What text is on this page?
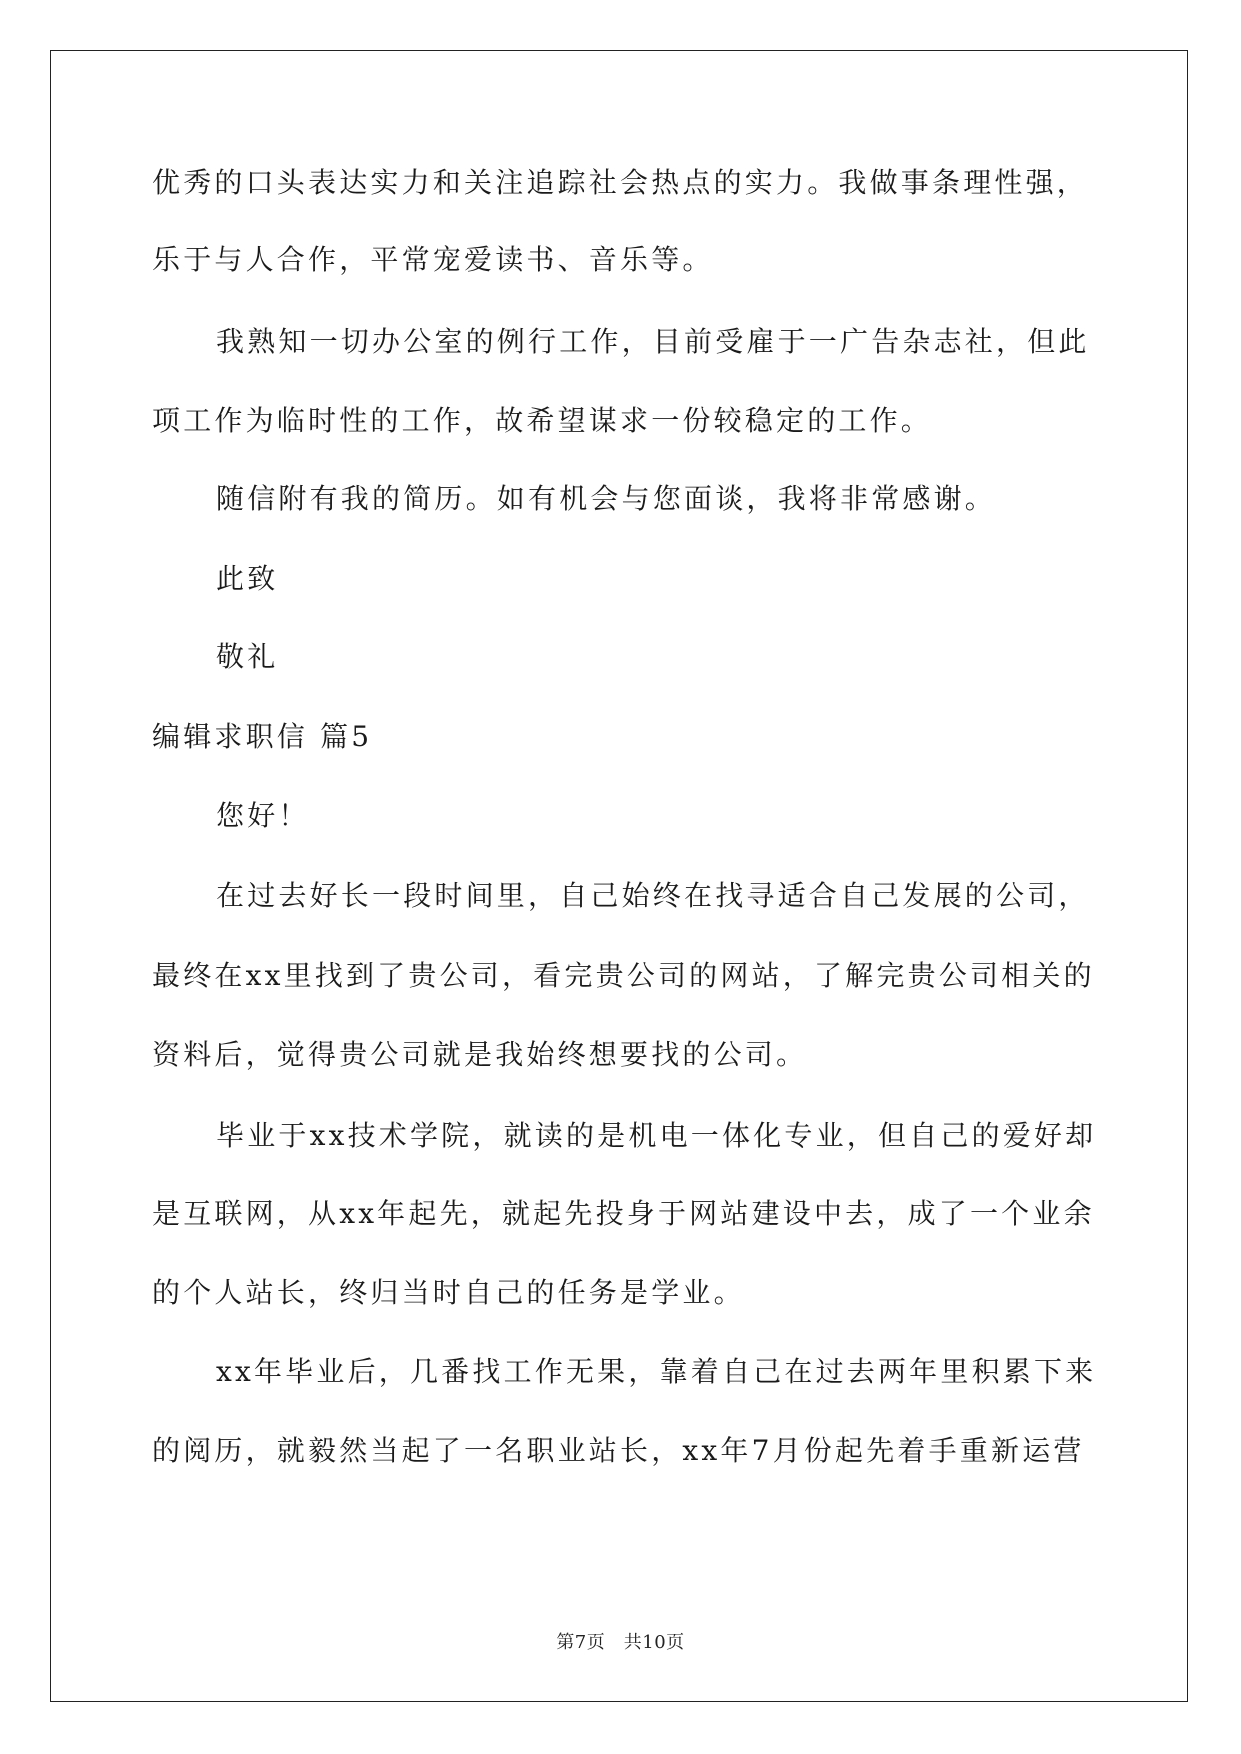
优秀的口头表达实力和关注追踪社会热点的实力。我做事条理性强，

乐于与人合作，平常宠爱读书、音乐等。

我熟知一切办公室的例行工作，目前受雇于一广告杂志社，但此

项工作为临时性的工作，故希望谋求一份较稳定的工作。

随信附有我的简历。如有机会与您面谈，我将非常感谢。

此致

敬礼

编辑求职信 篇5

您好！

在过去好长一段时间里，自己始终在找寻适合自己发展的公司，

最终在xx里找到了贵公司，看完贵公司的网站，了解完贵公司相关的

资料后，觉得贵公司就是我始终想要找的公司。

毕业于xx技术学院，就读的是机电一体化专业，但自己的爱好却

是互联网，从xx年起先，就起先投身于网站建设中去，成了一个业余

的个人站长，终归当时自己的任务是学业。

xx年毕业后，几番找工作无果，靠着自己在过去两年里积累下来

的阅历，就毅然当起了一名职业站长，xx年7月份起先着手重新运营

第7页　共10页
